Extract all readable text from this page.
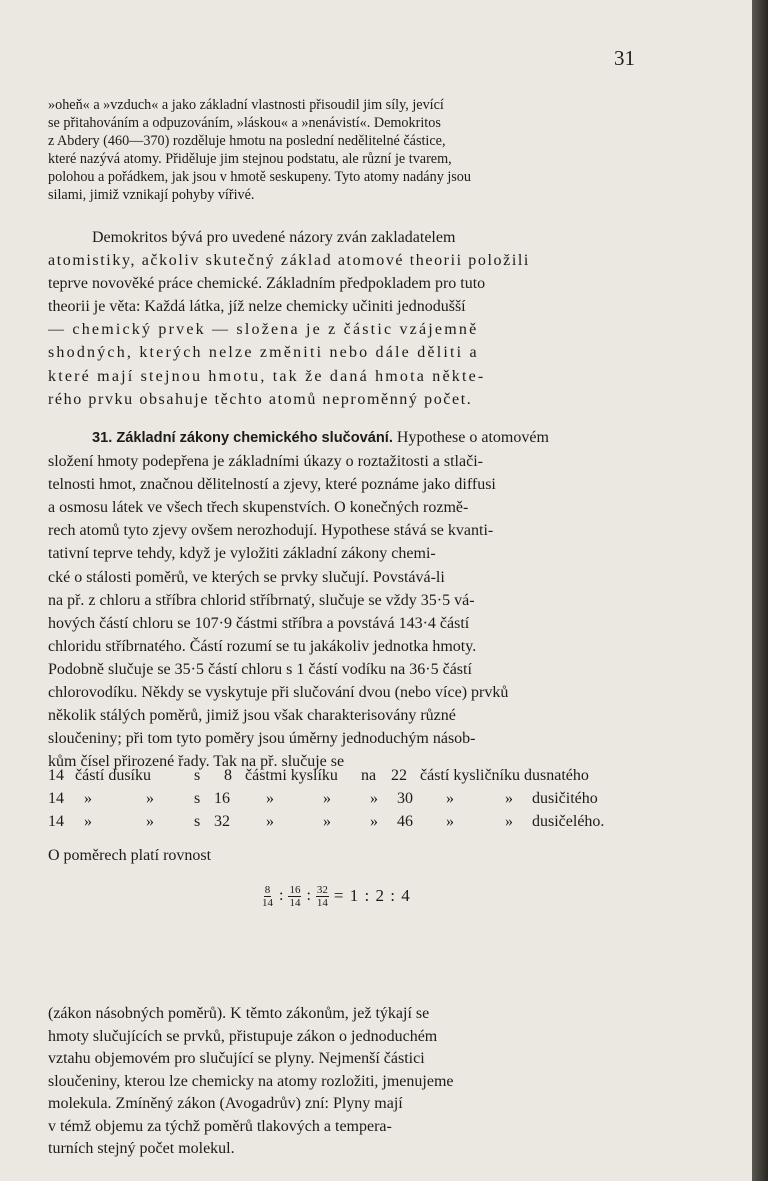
31
»oheň« a »vzduch« a jako základní vlastnosti přisoudil jim síly, jevící
se přitahováním a odpuzováním, »láskou« a »nenávistí«. Demokritos
z Abdery (460—370) rozděluje hmotu na poslední nedělitelné částice,
které nazývá atomy. Přiděluje jim stejnou podstatu, ale různí je tvarem,
polohou a pořádkem, jak jsou v hmotě seskupeny. Tyto atomy nadány jsou
silami, jimiž vznikají pohyby vířivé.
Demokritos bývá pro uvedené názory zván zakladatelem
atomistiky, ačkoliv skutečný základ atomové theorii položili
teprve novověké práce chemické. Základním předpokladem pro tuto
theorii je věta: Každá látka, jíž nelze chemicky učiniti jednodušší
— chemický prvek — složena je z částic vzájemně
shodných, kterých nelze změniti nebo dále děliti a
které mají stejnou hmotu, tak že daná hmota někte-
rého prvku obsahuje těchto atomů neproměnný počet.
31. Základní zákony chemického slučování. Hypothese o atomovém
složení hmoty podepřena je základními úkazy o roztažitosti a stlači-
telnosti hmot, značnou dělitelností a zjevy, které poznáme jako diffusi
a osmosu látek ve všech třech skupenstvích. O konečných rozmě-
rech atomů tyto zjevy ovšem nerozhodují. Hypothese stává se kvanti-
tativní teprve tehdy, když je vyložiti základní zákony chemi-
cké o stálosti poměrů, ve kterých se prvky slučují. Povstává-li
na př. z chloru a stříbra chlorid stříbrnatý, slučuje se vždy 35·5 vá-
hových částí chloru se 107·9 částmi stříbra a povstává 143·4 částí
chloridu stříbrnatého. Částí rozumí se tu jakákoliv jednotka hmoty.
Podobně slučuje se 35·5 částí chloru s 1 částí vodíku na 36·5 částí
chlorovodíku. Někdy se vyskytuje při slučování dvou (nebo více) prvků
několik stálých poměrů, jimiž jsou však charakterisovány různé
sloučeniny; při tom tyto poměry jsou úměrny jednoduchým násob-
kům čísel přirozené řady. Tak na př. slučuje se
14 částí dusíku	s 8 částmi kyslíku na 22 částí kysličníku dusnatého
14 »	»	s 16 »	» » 30 »	» dusičitého
14 »	»	s 32 »	» » 46 »	» dusičelého.
O poměrech platí rovnost
$\frac{8}{14}$ : $\frac{16}{14}$ : $\frac{32}{14} = 1$ : 2 : 4
(zákon násobných poměrů). K těmto zákonům, jež týkají se
hmoty slučujících se prvků, přistupuje zákon o jednoduchém
vztahu objemovém pro slučující se plyny. Nejmenší částici
sloučeniny, kterou lze chemicky na atomy rozložiti, jmenujeme
molekula. Zmíněný zákon (Avogadrův) zní: Plyny mají
v témž objemu za týchž poměrů tlakových a tempera-
turních stejný počet molekul.
